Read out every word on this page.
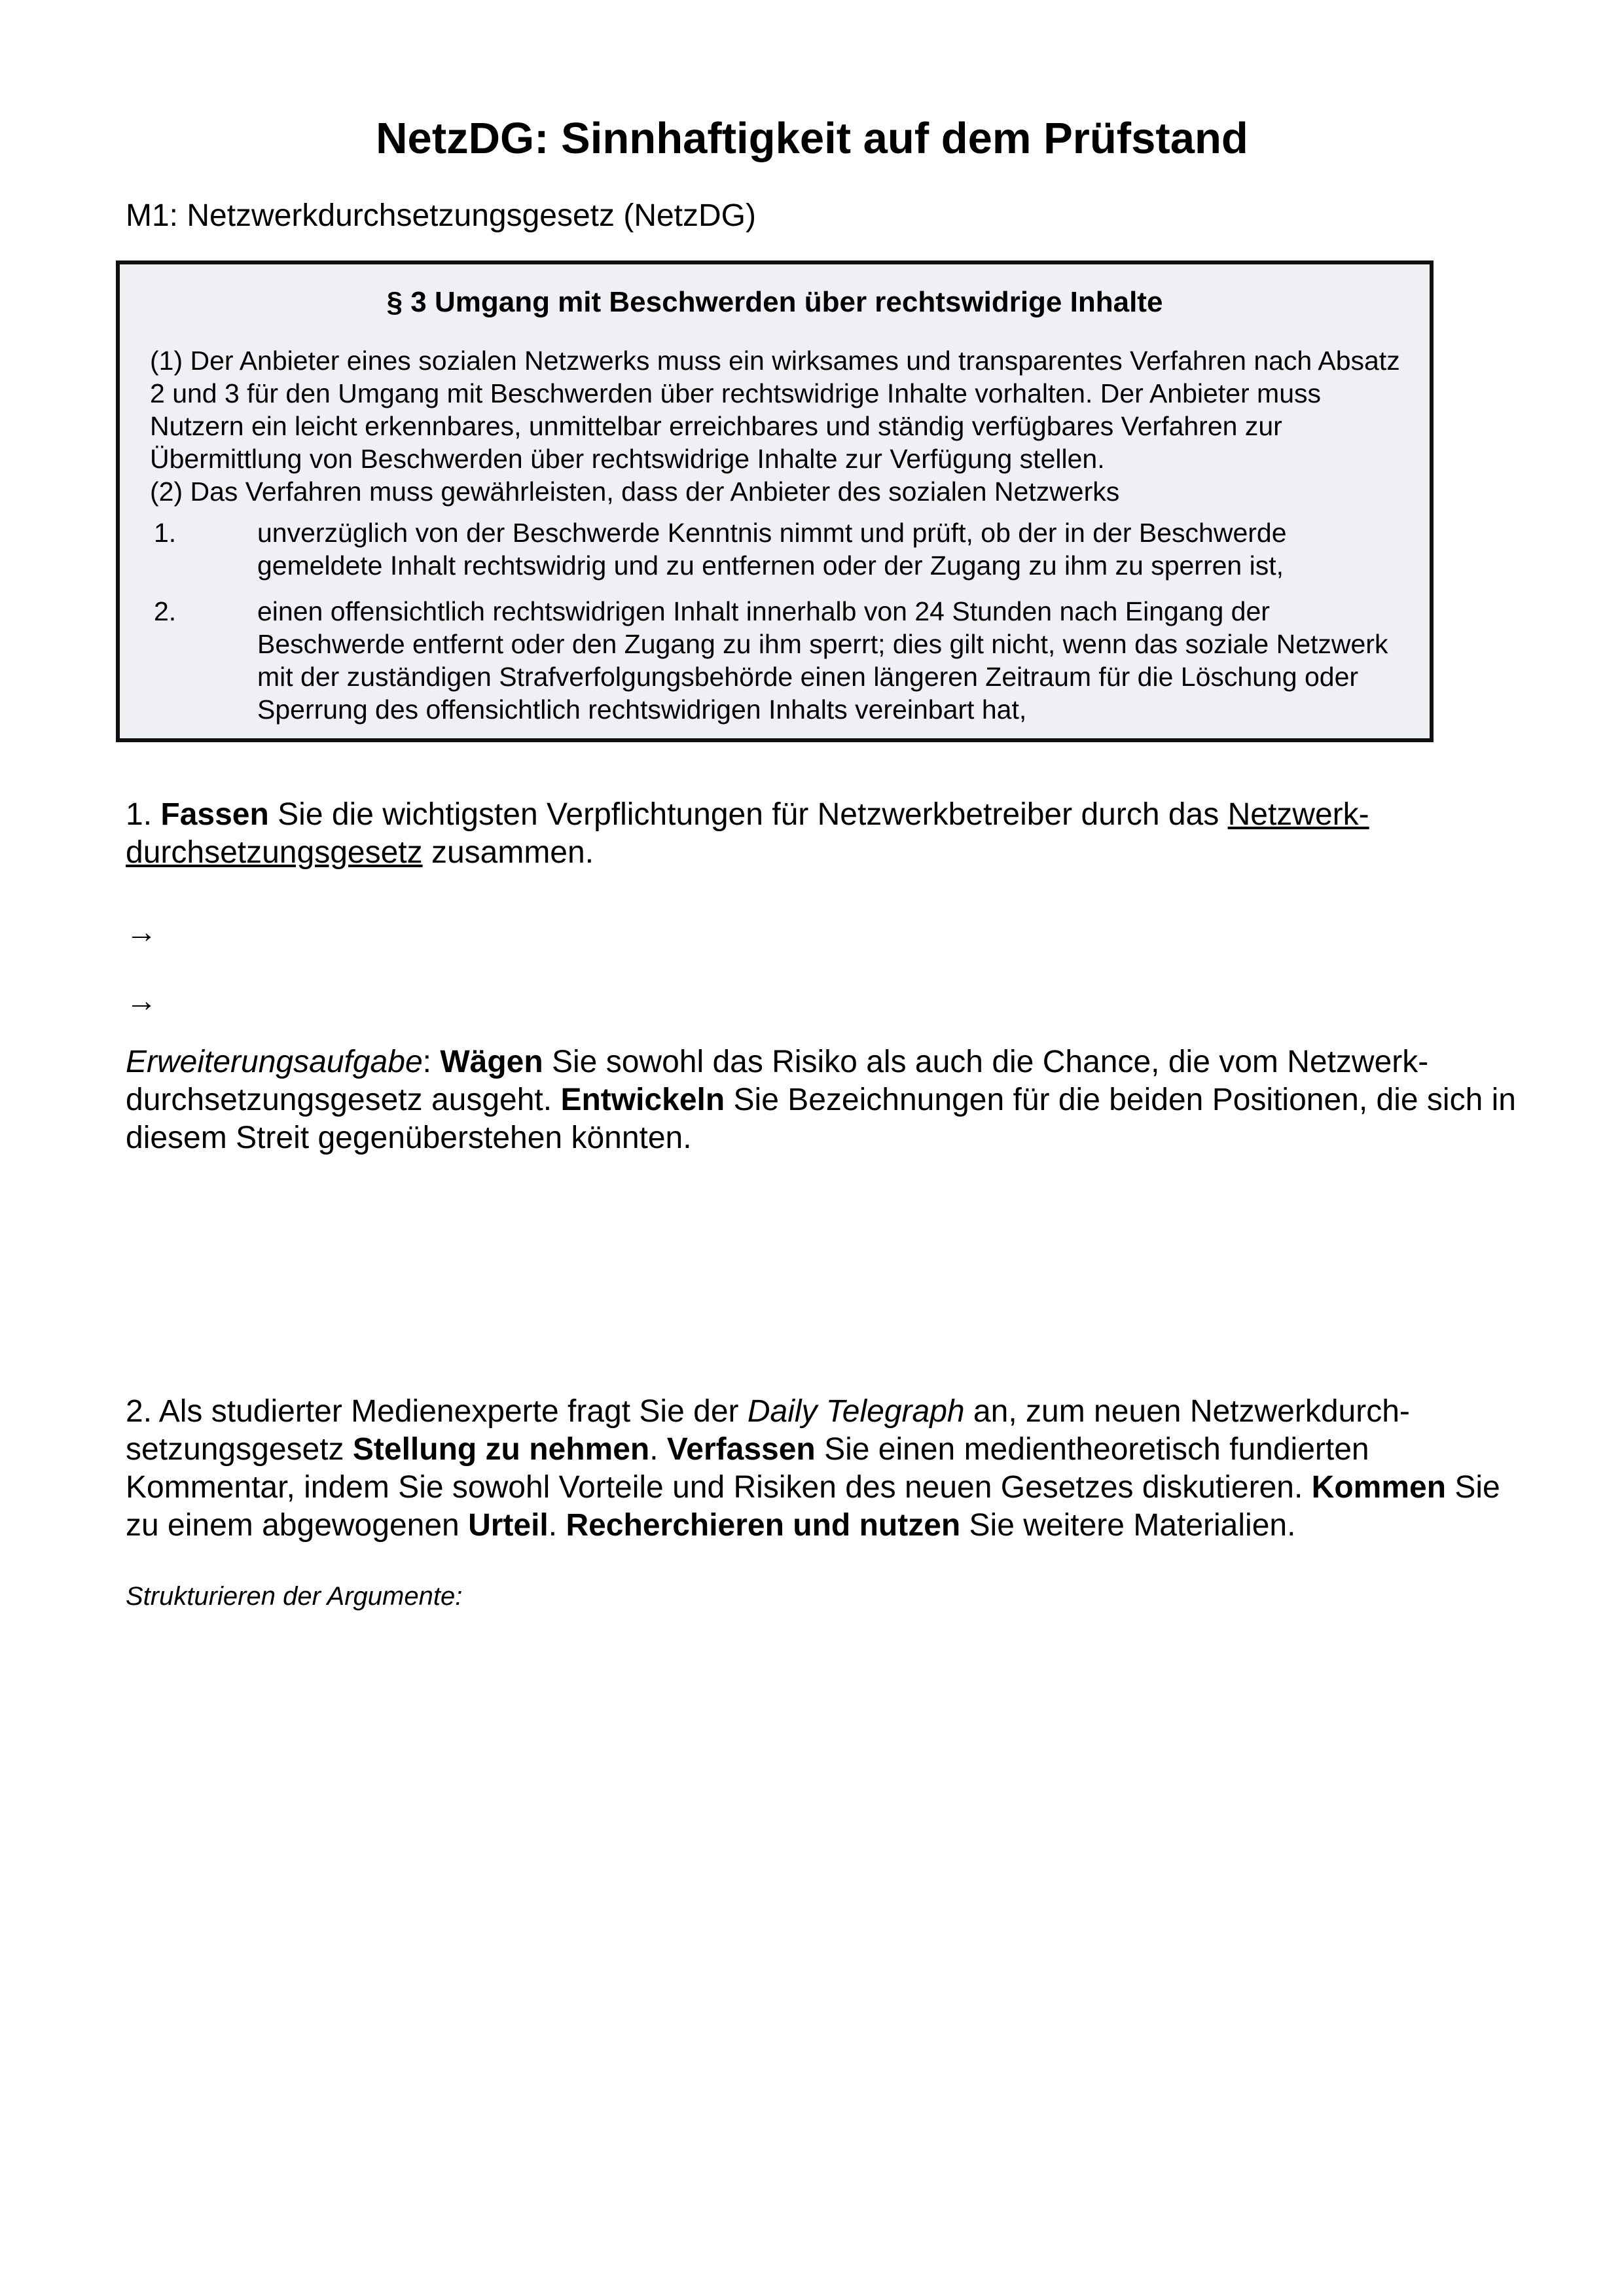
NetzDG: Sinnhaftigkeit auf dem Prüfstand
M1: Netzwerkdurchsetzungsgesetz (NetzDG)
§ 3 Umgang mit Beschwerden über rechtswidrige Inhalte
(1) Der Anbieter eines sozialen Netzwerks muss ein wirksames und transparentes Verfahren nach Absatz 2 und 3 für den Umgang mit Beschwerden über rechtswidrige Inhalte vorhalten. Der Anbieter muss Nutzern ein leicht erkennbares, unmittelbar erreichbares und ständig verfügbares Verfahren zur Übermittlung von Beschwerden über rechtswidrige Inhalte zur Verfügung stellen.
(2) Das Verfahren muss gewährleisten, dass der Anbieter des sozialen Netzwerks
1.	unverzüglich von der Beschwerde Kenntnis nimmt und prüft, ob der in der Beschwerde gemeldete Inhalt rechtswidrig und zu entfernen oder der Zugang zu ihm zu sperren ist,
2.	einen offensichtlich rechtswidrigen Inhalt innerhalb von 24 Stunden nach Eingang der Beschwerde entfernt oder den Zugang zu ihm sperrt; dies gilt nicht, wenn das soziale Netzwerk mit der zuständigen Strafverfolgungsbehörde einen längeren Zeitraum für die Löschung oder Sperrung des offensichtlich rechtswidrigen Inhalts vereinbart hat,
1. Fassen Sie die wichtigsten Verpflichtungen für Netzwerkbetreiber durch das Netzwerk-durchsetzungsgesetz zusammen.
→
→
Erweiterungsaufgabe: Wägen Sie sowohl das Risiko als auch die Chance, die vom Netzwerk-durchsetzungsgesetz ausgeht. Entwickeln Sie Bezeichnungen für die beiden Positionen, die sich in diesem Streit gegenüberstehen könnten.
2. Als studierter Medienexperte fragt Sie der Daily Telegraph an, zum neuen Netzwerkdurch-setzungsgesetz Stellung zu nehmen. Verfassen Sie einen medientheoretisch fundierten Kommentar, indem Sie sowohl Vorteile und Risiken des neuen Gesetzes diskutieren. Kommen Sie zu einem abgewogenen Urteil. Recherchieren und nutzen Sie weitere Materialien.
Strukturieren der Argumente:
